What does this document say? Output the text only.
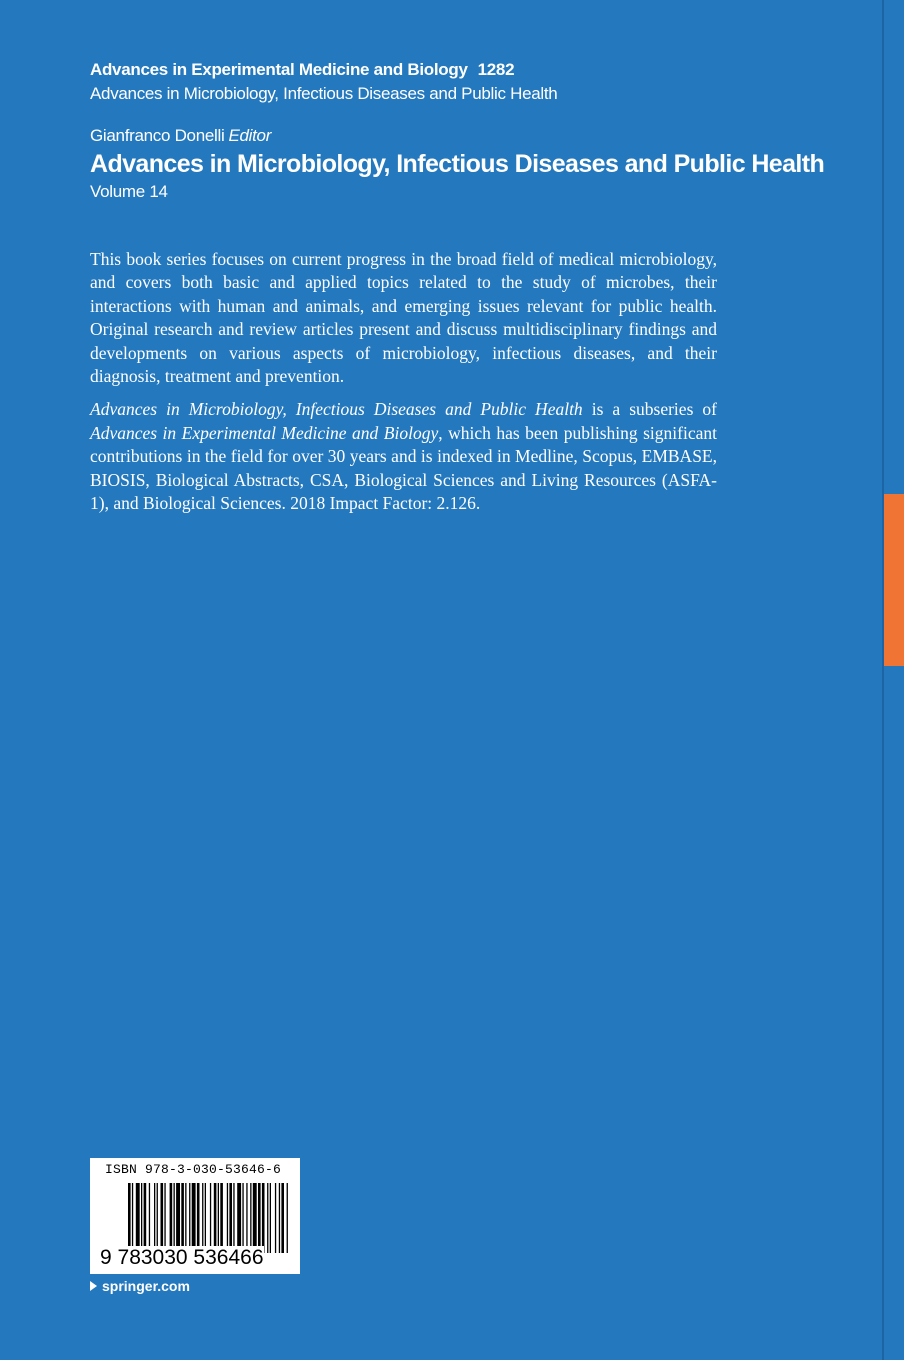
Advances in Experimental Medicine and Biology 1282
Advances in Microbiology, Infectious Diseases and Public Health
Gianfranco Donelli Editor
Advances in Microbiology, Infectious Diseases and Public Health
Volume 14

This book series focuses on current progress in the broad field of medical microbiology, and covers both basic and applied topics related to the study of microbes, their interactions with human and animals, and emerging issues relevant for public health. Original research and review articles present and discuss multidisciplinary findings and developments on various aspects of microbiology, infectious diseases, and their diagnosis, treatment and prevention.

Advances in Microbiology, Infectious Diseases and Public Health is a subseries of Advances in Experimental Medicine and Biology, which has been publishing significant contributions in the field for over 30 years and is indexed in Medline, Scopus, EMBASE, BIOSIS, Biological Abstracts, CSA, Biological Sciences and Living Resources (ASFA-1), and Biological Sciences. 2018 Impact Factor: 2.126.

ISBN 978-3-030-53646-6
9 783030 536466
springer.com
